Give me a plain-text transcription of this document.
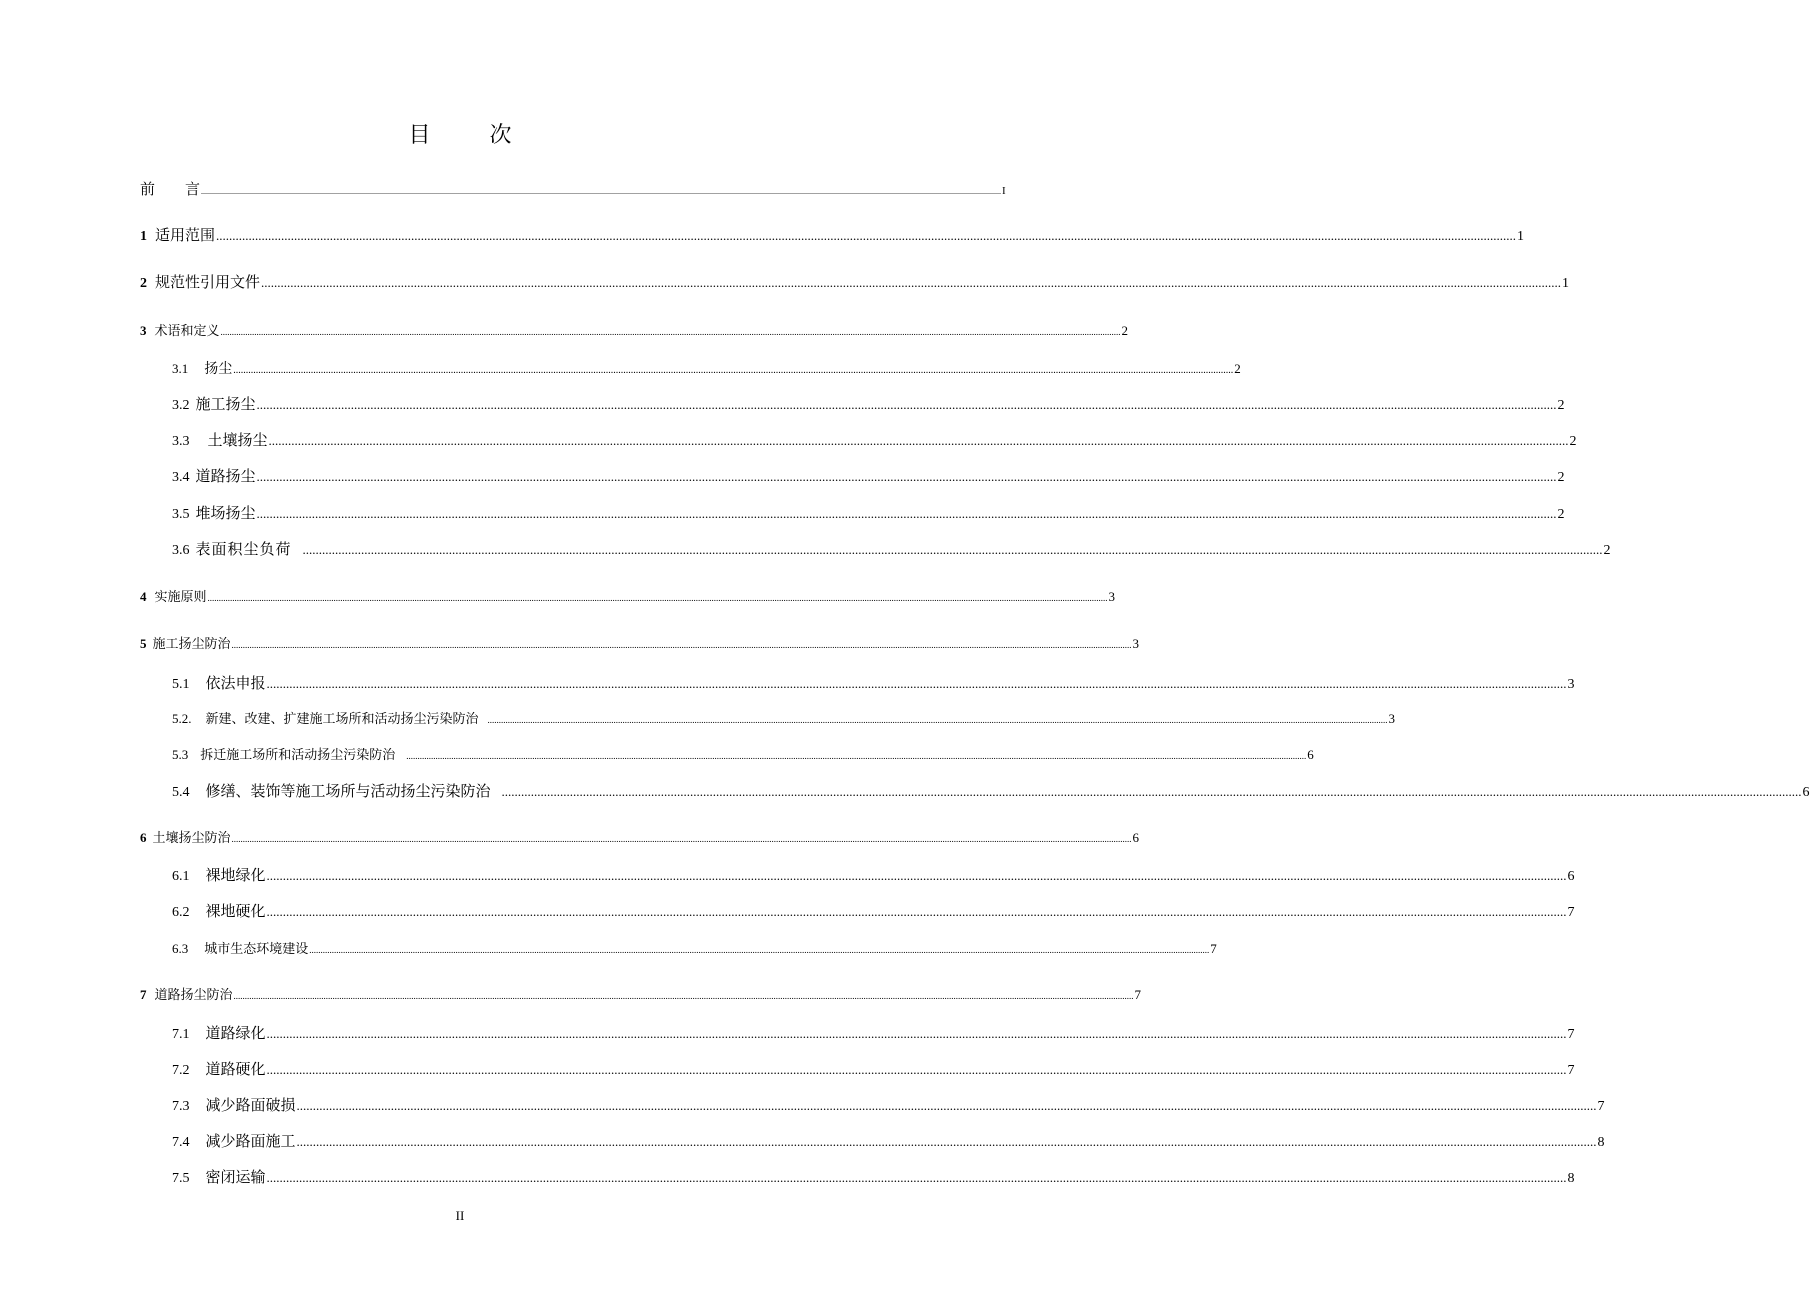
目 次
前　　言 ................................................................................................................................................................................................................................................................................................................................................................................................................ I
1 适用范围 ................................................................................................................................................................................................................................................................................................................................................................................................................ 1
2 规范性引用文件 ................................................................................................................................................................................................................................................................................................................................................................................................................ 1
3 术语和定义 ................................................................................................................................................................................................................................................................................................................................................................................................................ 2
3.1 扬尘 ................................................................................................................................................................................................................................................................................................................................................................................................................ 2
3.2 施工扬尘 ................................................................................................................................................................................................................................................................................................................................................................................................................ 2
3.3 土壤扬尘 ................................................................................................................................................................................................................................................................................................................................................................................................................ 2
3.4 道路扬尘 ................................................................................................................................................................................................................................................................................................................................................................................................................ 2
3.5 堆场扬尘 ................................................................................................................................................................................................................................................................................................................................................................................................................ 2
3.6 表面积尘负荷 ................................................................................................................................................................................................................................................................................................................................................................................................................ 2
4 实施原则 ................................................................................................................................................................................................................................................................................................................................................................................................................ 3
5 施工扬尘防治 ................................................................................................................................................................................................................................................................................................................................................................................................................ 3
5.1 依法申报 ................................................................................................................................................................................................................................................................................................................................................................................................................ 3
5.2. 新建、改建、扩建施工场所和活动扬尘污染防治 ................................................................................................................................................................................................................................................................................................................................................................................................................ 3
5.3 拆迁施工场所和活动扬尘污染防治 ................................................................................................................................................................................................................................................................................................................................................................................................................ 6
5.4 修缮、装饰等施工场所与活动扬尘污染防治 ................................................................................................................................................................................................................................................................................................................................................................................................................ 6
6 土壤扬尘防治 ................................................................................................................................................................................................................................................................................................................................................................................................................ 6
6.1 裸地绿化 ................................................................................................................................................................................................................................................................................................................................................................................................................ 6
6.2 裸地硬化 ................................................................................................................................................................................................................................................................................................................................................................................................................ 7
6.3 城市生态环境建设 ................................................................................................................................................................................................................................................................................................................................................................................................................ 7
7 道路扬尘防治 ................................................................................................................................................................................................................................................................................................................................................................................................................ 7
7.1 道路绿化 ................................................................................................................................................................................................................................................................................................................................................................................................................ 7
7.2 道路硬化 ................................................................................................................................................................................................................................................................................................................................................................................................................ 7
7.3 减少路面破损 ................................................................................................................................................................................................................................................................................................................................................................................................................ 7
7.4 减少路面施工 ................................................................................................................................................................................................................................................................................................................................................................................................................ 8
7.5 密闭运输 ................................................................................................................................................................................................................................................................................................................................................................................................................ 8
II
